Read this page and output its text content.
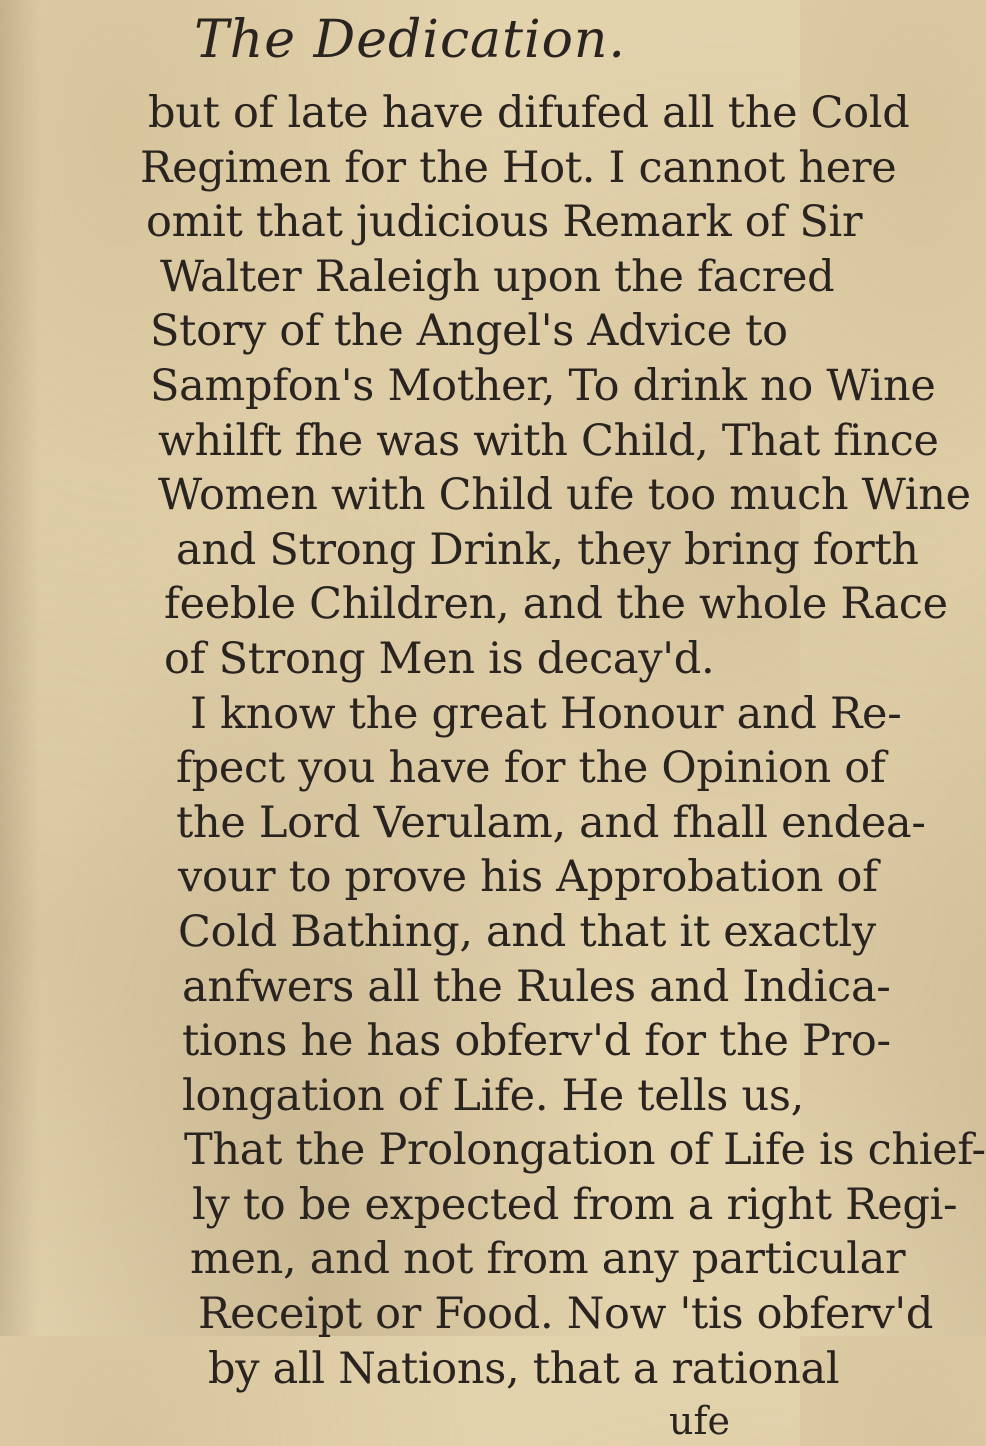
The Dedication.
but of late have difufed all the Cold
Regimen for the Hot. I cannot here
omit that judicious Remark of Sir
Walter Raleigh upon the facred
Story of the Angel's Advice to
Sampfon's Mother, To drink no Wine
whilft fhe was with Child, That fince
Women with Child ufe too much Wine
and Strong Drink, they bring forth
feeble Children, and the whole Race
of Strong Men is decay'd.
I know the great Honour and Re-
fpect you have for the Opinion of
the Lord Verulam, and fhall endea-
vour to prove his Approbation of
Cold Bathing, and that it exactly
anfwers all the Rules and Indica-
tions he has obferv'd for the Pro-
longation of Life. He tells us,
That the Prolongation of Life is chief-
ly to be expected from a right Regi-
men, and not from any particular
Receipt or Food. Now 'tis obferv'd
by all Nations, that a rational
ufe
